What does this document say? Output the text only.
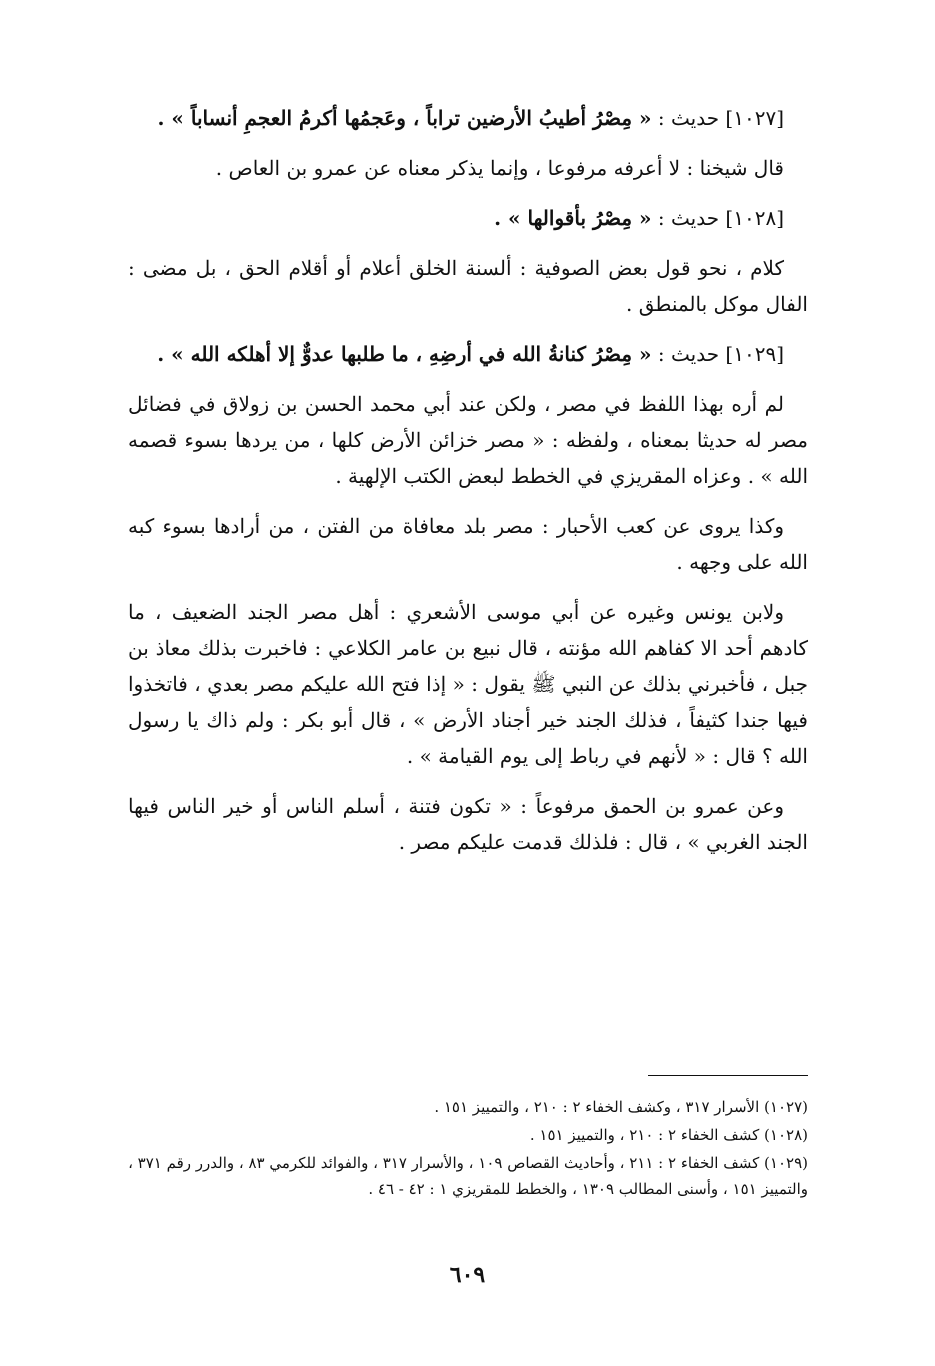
[١٠٢٧] حديث : « مِصْرُ أطيبُ الأرضين تراباً ، وعَجمُها أكرمُ العجمِ أنساباً » .

قال شيخنا : لا أعرفه مرفوعا ، وإنما يذكر معناه عن عمرو بن العاص .

[١٠٢٨] حديث : « مِصْرُ بأقوالها » .

كلام ، نحو قول بعض الصوفية : ألسنة الخلق أعلام أو أقلام الحق ، بل مضى : الفال موكل بالمنطق .

[١٠٢٩] حديث : « مِصْرُ كنانةُ الله في أرضِهِ ، ما طلبها عدوٌّ إلا أهلكه الله » .

لم أره بهذا اللفظ في مصر ، ولكن عند أبي محمد الحسن بن زولاق في فضائل مصر له حديثا بمعناه ، ولفظه : « مصر خزائن الأرض كلها ، من يردها بسوء قصمه الله » . وعزاه المقريزي في الخطط لبعض الكتب الإلهية .

وكذا يروى عن كعب الأحبار : مصر بلد معافاة من الفتن ، من أرادها بسوء كبه الله على وجهه .

ولابن يونس وغيره عن أبي موسى الأشعري : أهل مصر الجند الضعيف ، ما كادهم أحد الا كفاهم الله مؤنته ، قال نبيع بن عامر الكلاعي : فاخبرت بذلك معاذ بن جبل ، فأخبرني بذلك عن النبي ﷺ يقول : « إذا فتح الله عليكم مصر بعدي ، فاتخذوا فيها جندا كثيفاً ، فذلك الجند خير أجناد الأرض » ، قال أبو بكر : ولم ذاك يا رسول الله ؟ قال : « لأنهم في رباط إلى يوم القيامة » .

وعن عمرو بن الحمق مرفوعاً : « تكون فتنة ، أسلم الناس أو خير الناس فيها الجند الغربي » ، قال : فلذلك قدمت عليكم مصر .

(١٠٢٧) الأسرار ٣١٧ ، وكشف الخفاء ٢ : ٢١٠ ، والتمييز ١٥١ .

(١٠٢٨) كشف الخفاء ٢ : ٢١٠ ، والتمييز ١٥١ .

(١٠٢٩) كشف الخفاء ٢ : ٢١١ ، وأحاديث القصاص ١٠٩ ، والأسرار ٣١٧ ، والفوائد للكرمي ٨٣ ، والدرر رقم ٣٧١ ، والتمييز ١٥١ ، وأسنى المطالب ١٣٠٩ ، والخطط للمقريزي ١ : ٤٢ - ٤٦ .

٦٠٩
